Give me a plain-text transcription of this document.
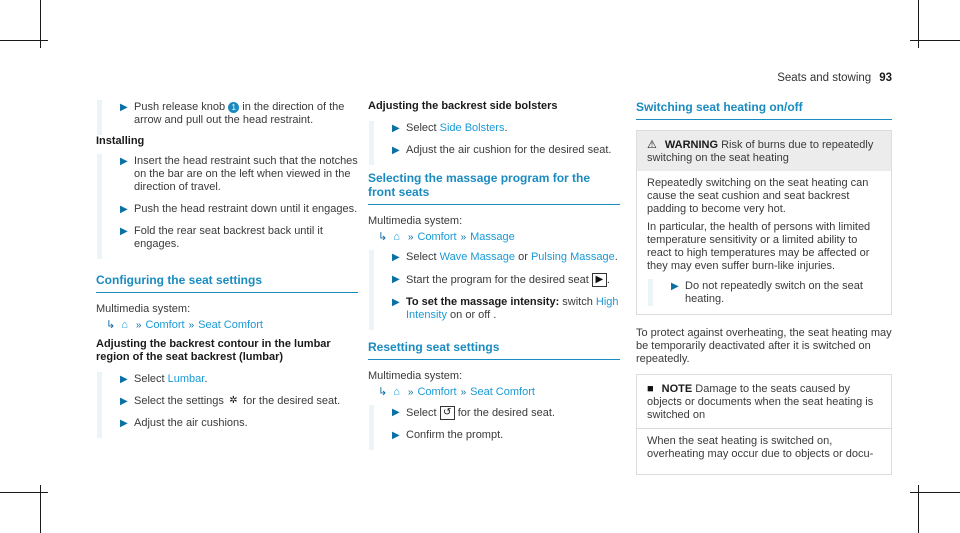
Seats and stowing 93
▶ Push release knob 1 in the direction of the arrow and pull out the head restraint.
Installing
▶ Insert the head restraint such that the notches on the bar are on the left when viewed in the direction of travel.
▶ Push the head restraint down until it engages.
▶ Fold the rear seat backrest back until it engages.
Configuring the seat settings
Multimedia system:
↳ ⌂ » Comfort » Seat Comfort
Adjusting the backrest contour in the lumbar region of the seat backrest (lumbar)
▶ Select Lumbar.
▶ Select the settings ✲ for the desired seat.
▶ Adjust the air cushions.
Adjusting the backrest side bolsters
▶ Select Side Bolsters.
▶ Adjust the air cushion for the desired seat.
Selecting the massage program for the front seats
Multimedia system:
↳ ⌂ » Comfort » Massage
▶ Select Wave Massage or Pulsing Massage.
▶ Start the program for the desired seat ▶ .
▶ To set the massage intensity: switch High Intensity on or off .
Resetting seat settings
Multimedia system:
↳ ⌂ » Comfort » Seat Comfort
▶ Select ↺ for the desired seat.
▶ Confirm the prompt.
Switching seat heating on/off
⚠ WARNING Risk of burns due to repeatedly switching on the seat heating

Repeatedly switching on the seat heating can cause the seat cushion and seat backrest padding to become very hot.

In particular, the health of persons with limited temperature sensitivity or a limited ability to react to high temperatures may be affected or they may even suffer burn-like injuries.

▶ Do not repeatedly switch on the seat heating.

To protect against overheating, the seat heating may be temporarily deactivated after it is switched on repeatedly.

■ NOTE Damage to the seats caused by objects or documents when the seat heating is switched on

When the seat heating is switched on, overheating may occur due to objects or docu-
